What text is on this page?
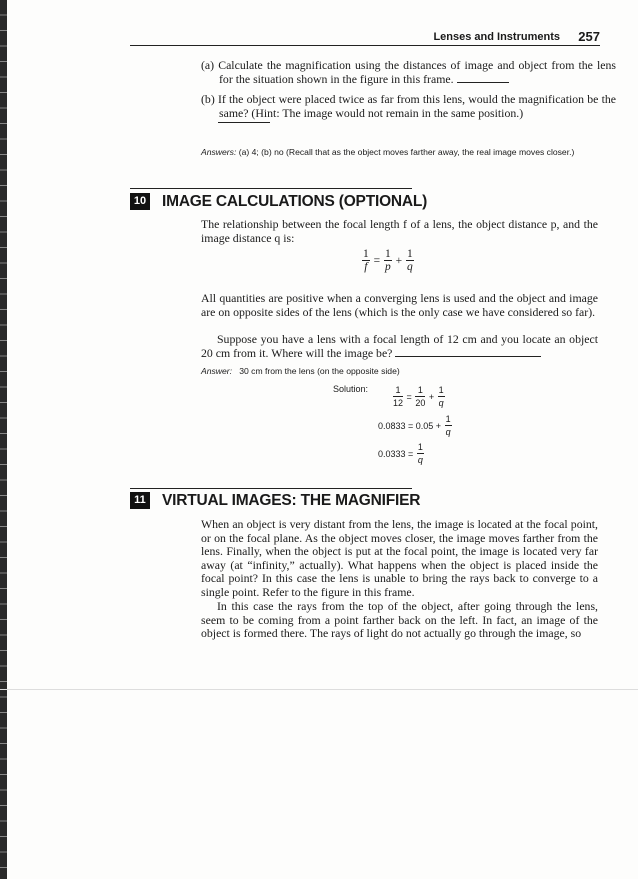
Lenses and Instruments 257

(a) Calculate the magnification using the distances of image and object from the lens for the situation shown in the figure in this frame.

(b) If the object were placed twice as far from this lens, would the magnification be the same? (Hint: The image would not remain in the same position.)

Answers: (a) 4; (b) no (Recall that as the object moves farther away, the real image moves closer.)
10 IMAGE CALCULATIONS (OPTIONAL)

The relationship between the focal length f of a lens, the object distance p, and the image distance q is:

$\frac{1}{f} = \frac{1}{p} + \frac{1}{q}$

All quantities are positive when a converging lens is used and the object and image are on opposite sides of the lens (which is the only case we have considered so far).

Suppose you have a lens with a focal length of 12 cm and you locate an object 20 cm from it. Where will the image be?

Answer: 30 cm from the lens (on the opposite side)
Solution:	$\frac{1}{12} = \frac{1}{20} + \frac{1}{q}$
$0.0833 = 0.05 + \frac{1}{q}$
$0.0333 = \frac{1}{q}$
11 VIRTUAL IMAGES: THE MAGNIFIER

When an object is very distant from the lens, the image is located at the focal point, or on the focal plane. As the object moves closer, the image moves farther from the lens. Finally, when the object is put at the focal point, the image is located very far away (at “infinity,” actually). What happens when the object is placed inside the focal point? In this case the lens is unable to bring the rays back to converge to a single point. Refer to the figure in this frame.

In this case the rays from the top of the object, after going through the lens, seem to be coming from a point farther back on the left. In fact, an image of the object is formed there. The rays of light do not actually go through the image, so
